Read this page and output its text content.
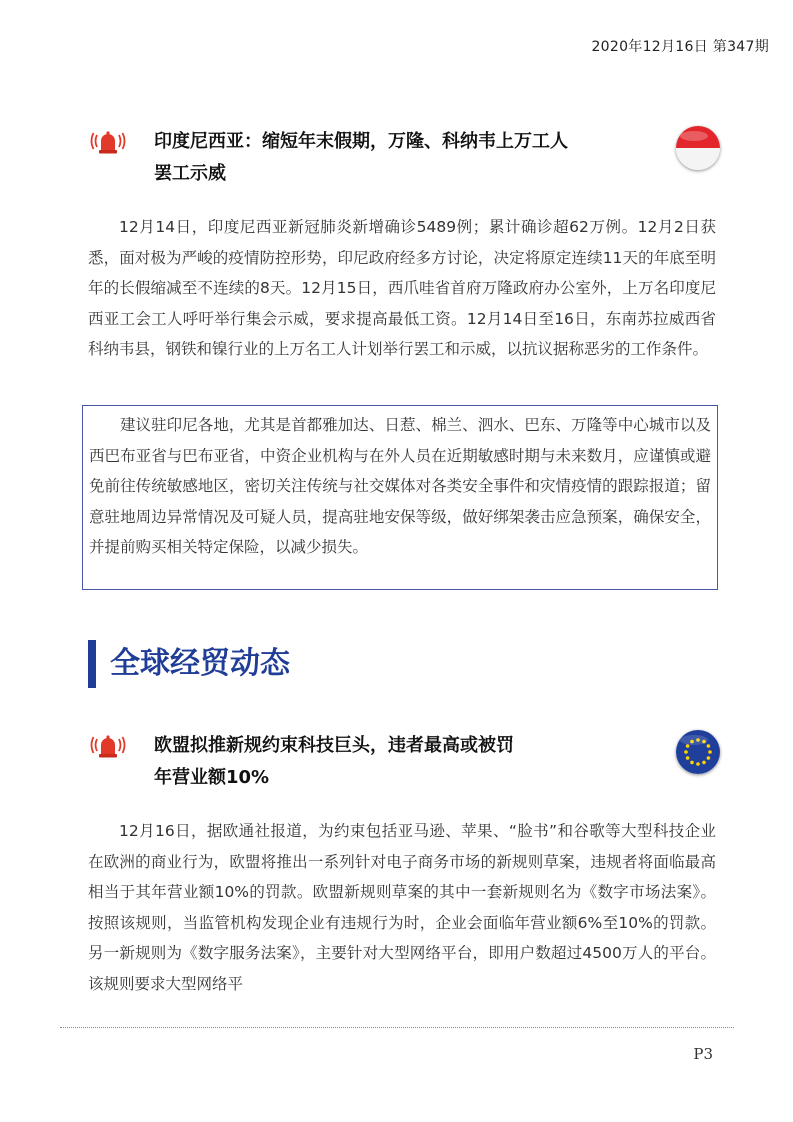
2020年12月16日 第347期
印度尼西亚：缩短年末假期，万隆、科纳韦上万工人
罢工示威

12月14日，印度尼西亚新冠肺炎新增确诊5489例；累计确诊超62万例。12月2日获悉，面对极为严峻的疫情防控形势，印尼政府经多方讨论，决定将原定连续11天的年底至明年的长假缩减至不连续的8天。12月15日，西爪哇省首府万隆政府办公室外，上万名印度尼西亚工会工人呼吁举行集会示威，要求提高最低工资。12月14日至16日，东南苏拉威西省科纳韦县，钢铁和镍行业的上万名工人计划举行罢工和示威，以抗议据称恶劣的工作条件。

建议驻印尼各地，尤其是首都雅加达、日惹、棉兰、泗水、巴东、万隆等中心城市以及西巴布亚省与巴布亚省，中资企业机构与在外人员在近期敏感时期与未来数月，应谨慎或避免前往传统敏感地区，密切关注传统与社交媒体对各类安全事件和灾情疫情的跟踪报道；留意驻地周边异常情况及可疑人员，提高驻地安保等级，做好绑架袭击应急预案，确保安全，并提前购买相关特定保险，以减少损失。

全球经贸动态
欧盟拟推新规约束科技巨头，违者最高或被罚
年营业额10%

12月16日，据欧通社报道，为约束包括亚马逊、苹果、“脸书”和谷歌等大型科技企业在欧洲的商业行为，欧盟将推出一系列针对电子商务市场的新规则草案，违规者将面临最高相当于其年营业额10%的罚款。欧盟新规则草案的其中一套新规则名为《数字市场法案》。按照该规则，当监管机构发现企业有违规行为时，企业会面临年营业额6%至10%的罚款。另一新规则为《数字服务法案》，主要针对大型网络平台，即用户数超过4500万人的平台。该规则要求大型网络平

P3
